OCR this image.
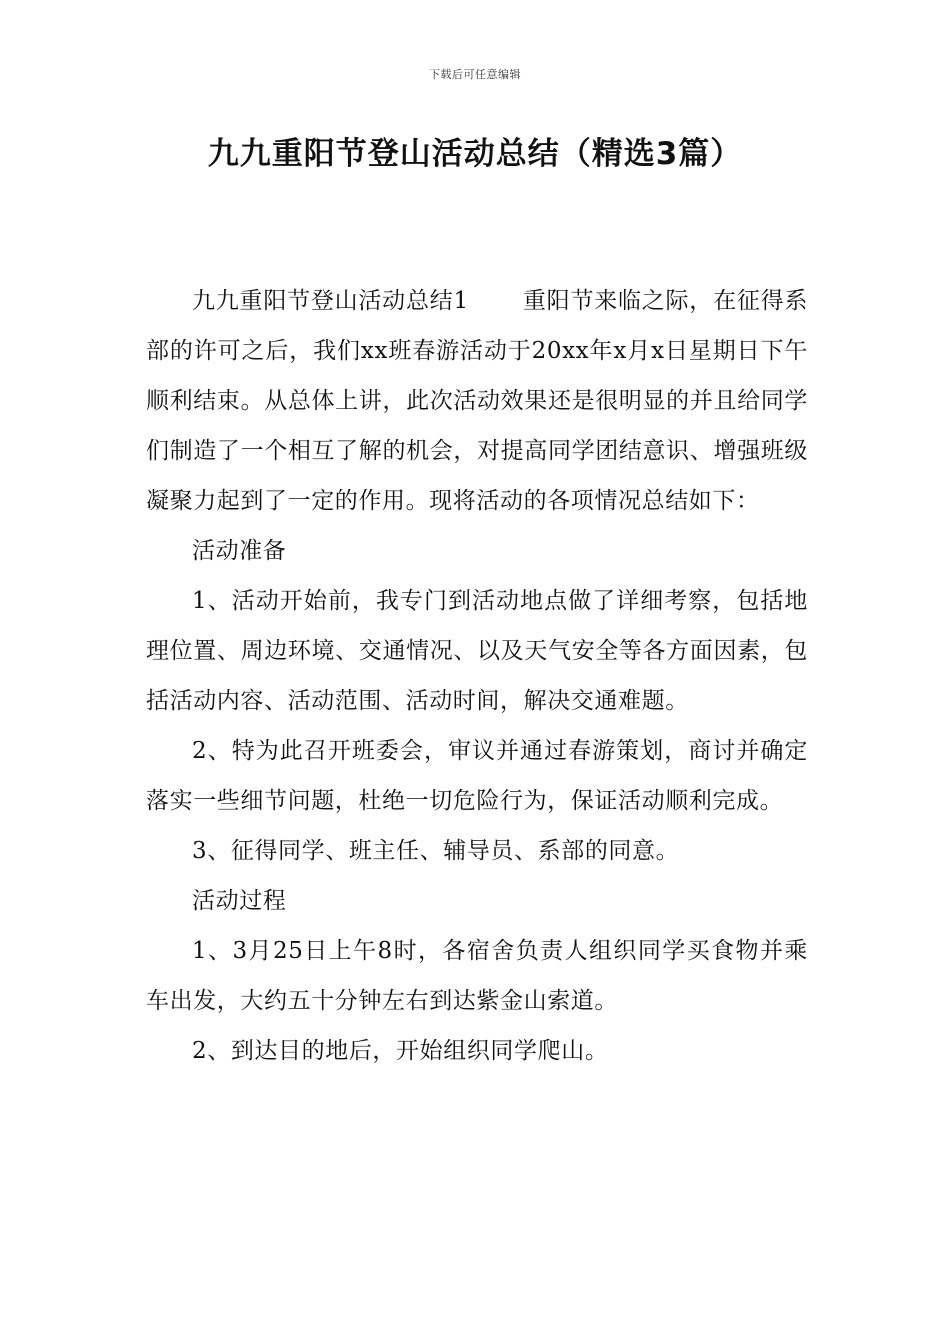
下载后可任意编辑
九九重阳节登山活动总结（精选3篇）

九九重阳节登山活动总结1 重阳节来临之际，在征得系部的许可之后，我们xx班春游活动于20xx年x月x日星期日下午顺利结束。从总体上讲，此次活动效果还是很明显的并且给同学们制造了一个相互了解的机会，对提高同学团结意识、增强班级凝聚力起到了一定的作用。现将活动的各项情况总结如下：

活动准备

1、活动开始前，我专门到活动地点做了详细考察，包括地理位置、周边环境、交通情况、以及天气安全等各方面因素，包括活动内容、活动范围、活动时间，解决交通难题。

2、特为此召开班委会，审议并通过春游策划，商讨并确定落实一些细节问题，杜绝一切危险行为，保证活动顺利完成。

3、征得同学、班主任、辅导员、系部的同意。

活动过程

1、3月25日上午8时，各宿舍负责人组织同学买食物并乘车出发，大约五十分钟左右到达紫金山索道。

2、到达目的地后，开始组织同学爬山。
